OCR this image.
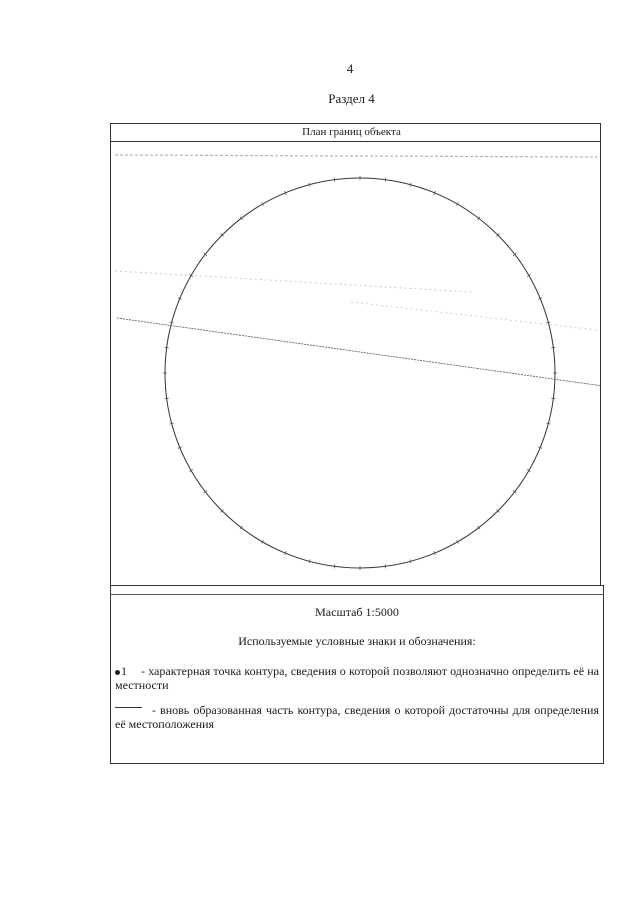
4
Раздел 4
План границ объекта
Масштаб 1:5000
Используемые условные знаки и обозначения:
1 - характерная точка контура, сведения о которой позволяют однозначно определить её на местности
- вновь образованная часть контура, сведения о которой достаточны для определения её местоположения
